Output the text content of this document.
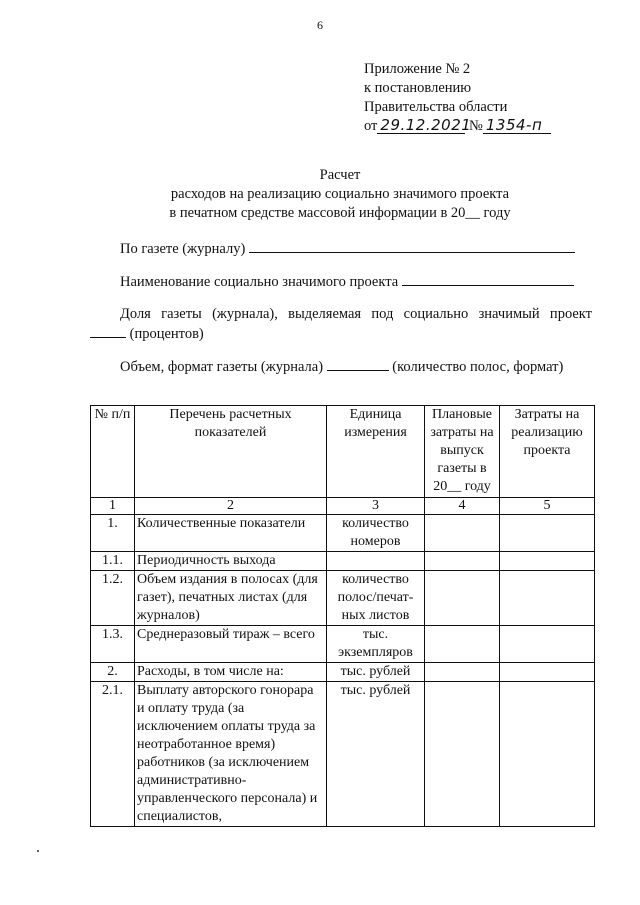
6
Приложение № 2
к постановлению
Правительства области
от 29.12.2021 № 1354-п
Расчет
расходов на реализацию социально значимого проекта
в печатном средстве массовой информации в 20__ году
По газете (журналу)
Наименование социально значимого проекта
Доля газеты (журнала), выделяемая под социально значимый проект
(процентов)
Объем, формат газеты (журнала)	(количество полос, формат)
№ п/п	Перечень расчетных показателей	Единица измерения	Плановые затраты на выпуск газеты в 20__ году	Затраты на реализацию проекта
1	2	3	4	5
1.	Количественные показатели	количество номеров		
1.1.	Периодичность выхода			
1.2.	Объем издания в полосах (для газет), печатных листах (для журналов)	количество полос/печат-ных листов		
1.3.	Среднеразовый тираж – всего	тыс. экземпляров		
2.	Расходы, в том числе на:	тыс. рублей		
2.1.	Выплату авторского гонорара и оплату труда (за исключением оплаты труда за неотработанное время) работников (за исключением административно-управленческого персонала) и специалистов,	тыс. рублей		
